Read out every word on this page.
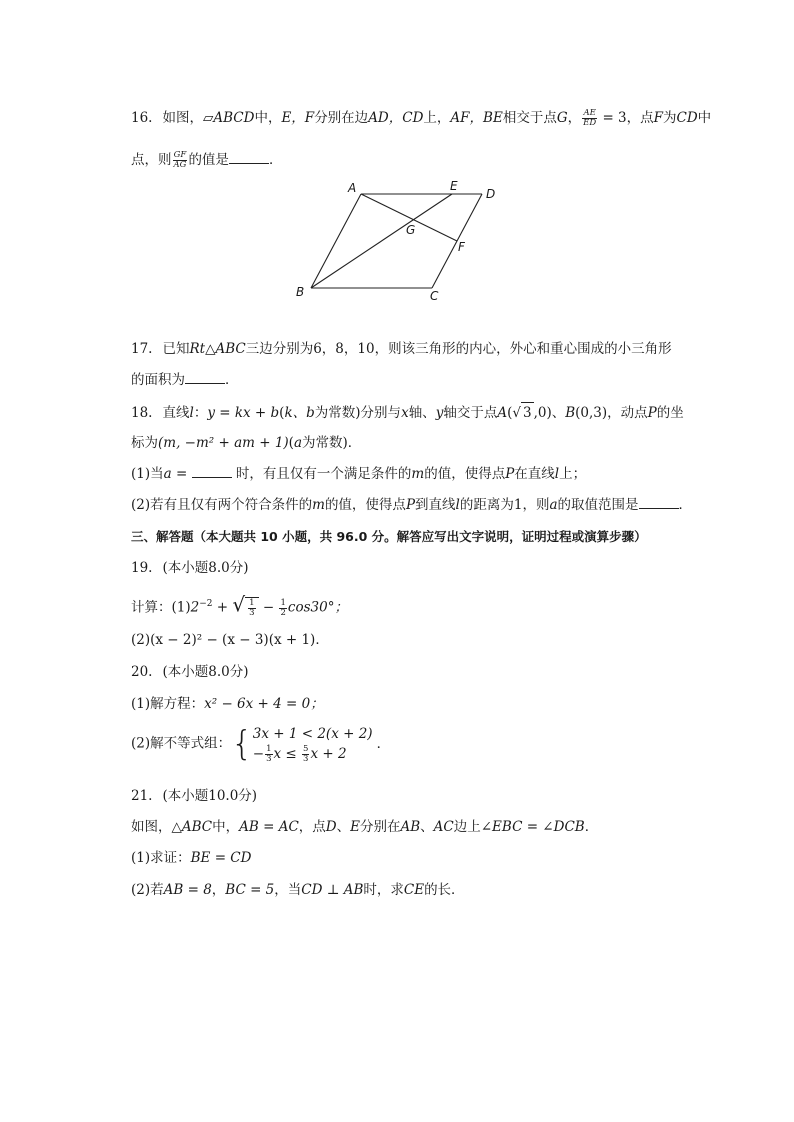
16. 如图，▱ABCD中，E，F分别在边AD，CD上，AF，BE相交于点G， $\frac{AE}{ED} = 3$，点F为CD中
点，则 $\frac{GF}{AG}$ 的值是	．
A	E
D
G
F
B	C
17. 已知Rt△ABC三边分别为6，8，10，则该三角形的内心，外心和重心围成的小三角形
的面积为	．
18. 直线l：y = kx + b(k、b为常数)分别与x轴、y轴交于点A(√ 3 ,0)、B(0,3)，动点P的坐
标为(m, −m² + am + 1)(a为常数)．
(1)当a =	时，有且仅有一个满足条件的m的值，使得点P在直线l上；
(2)若有且仅有两个符合条件的m的值，使得点P到直线l的距离为1，则a的取值范围是	．
三、解答题（本大题共 10 小题，共 96.0 分。解答应写出文字说明，证明过程或演算步骤）
19. (本小题8.0分)
计算：$(1)2^{-2}$ + √ $\frac{1}{3} - \frac{1}{2} \cos 30^\circ$；
(2)(x − 2)² − (x − 3)(x + 1)．
20. (本小题8.0分)
(1)解方程：x² − 6x + 4 = 0；
(2)解不等式组：{3x + 1 < 2(x + 2)
− $\frac{1}{3}$ $x \le \frac{5}{3}$ x + 2．
21. (本小题10.0分)
如图，△ABC中，AB = AC，点D、E分别在AB、AC边上∠EBC = ∠DCB．
(1)求证：BE = CD
(2)若AB = 8，BC = 5，当CD ⊥ AB时，求CE的长．
